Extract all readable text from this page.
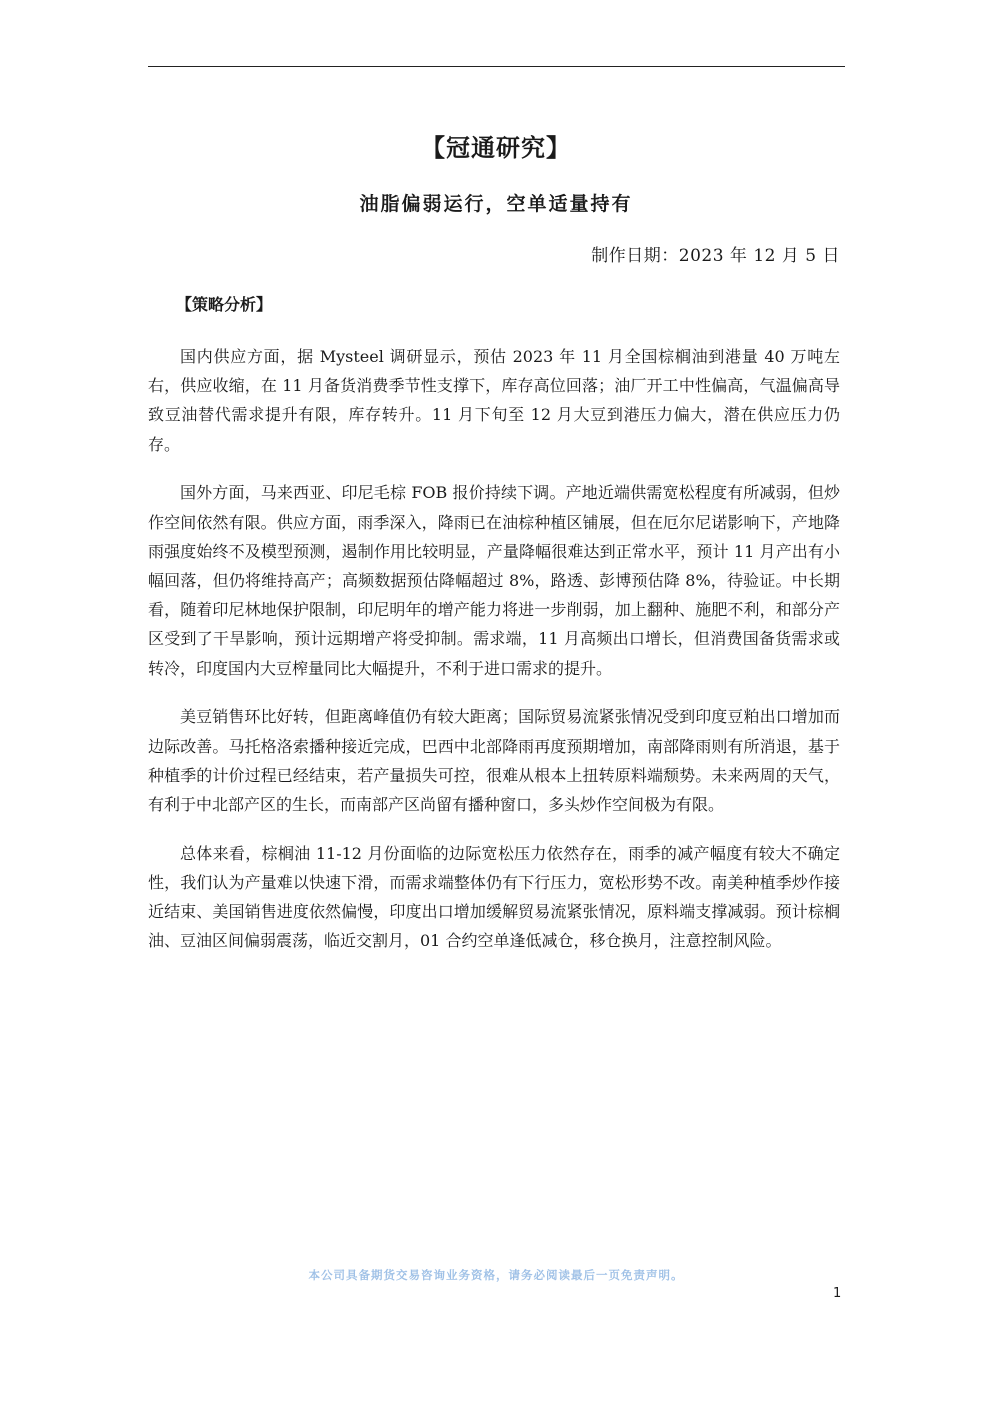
【冠通研究】
油脂偏弱运行，空单适量持有
制作日期：2023 年 12 月 5 日
【策略分析】

国内供应方面，据 Mysteel 调研显示，预估 2023 年 11 月全国棕榈油到港量 40 万吨左右，供应收缩，在 11 月备货消费季节性支撑下，库存高位回落；油厂开工中性偏高，气温偏高导致豆油替代需求提升有限，库存转升。11 月下旬至 12 月大豆到港压力偏大，潜在供应压力仍存。

国外方面，马来西亚、印尼毛棕 FOB 报价持续下调。产地近端供需宽松程度有所减弱，但炒作空间依然有限。供应方面，雨季深入，降雨已在油棕种植区铺展，但在厄尔尼诺影响下，产地降雨强度始终不及模型预测，遏制作用比较明显，产量降幅很难达到正常水平，预计 11 月产出有小幅回落，但仍将维持高产；高频数据预估降幅超过 8%，路透、彭博预估降 8%，待验证。中长期看，随着印尼林地保护限制，印尼明年的增产能力将进一步削弱，加上翻种、施肥不利，和部分产区受到了干旱影响，预计远期增产将受抑制。需求端，11 月高频出口增长，但消费国备货需求或转冷，印度国内大豆榨量同比大幅提升，不利于进口需求的提升。

美豆销售环比好转，但距离峰值仍有较大距离；国际贸易流紧张情况受到印度豆粕出口增加而边际改善。马托格洛索播种接近完成，巴西中北部降雨再度预期增加，南部降雨则有所消退，基于种植季的计价过程已经结束，若产量损失可控，很难从根本上扭转原料端颓势。未来两周的天气，有利于中北部产区的生长，而南部产区尚留有播种窗口，多头炒作空间极为有限。

总体来看，棕榈油 11-12 月份面临的边际宽松压力依然存在，雨季的减产幅度有较大不确定性，我们认为产量难以快速下滑，而需求端整体仍有下行压力，宽松形势不改。南美种植季炒作接近结束、美国销售进度依然偏慢，印度出口增加缓解贸易流紧张情况，原料端支撑减弱。预计棕榈油、豆油区间偏弱震荡，临近交割月，01 合约空单逢低减仓，移仓换月，注意控制风险。

本公司具备期货交易咨询业务资格，请务必阅读最后一页免责声明。
1
